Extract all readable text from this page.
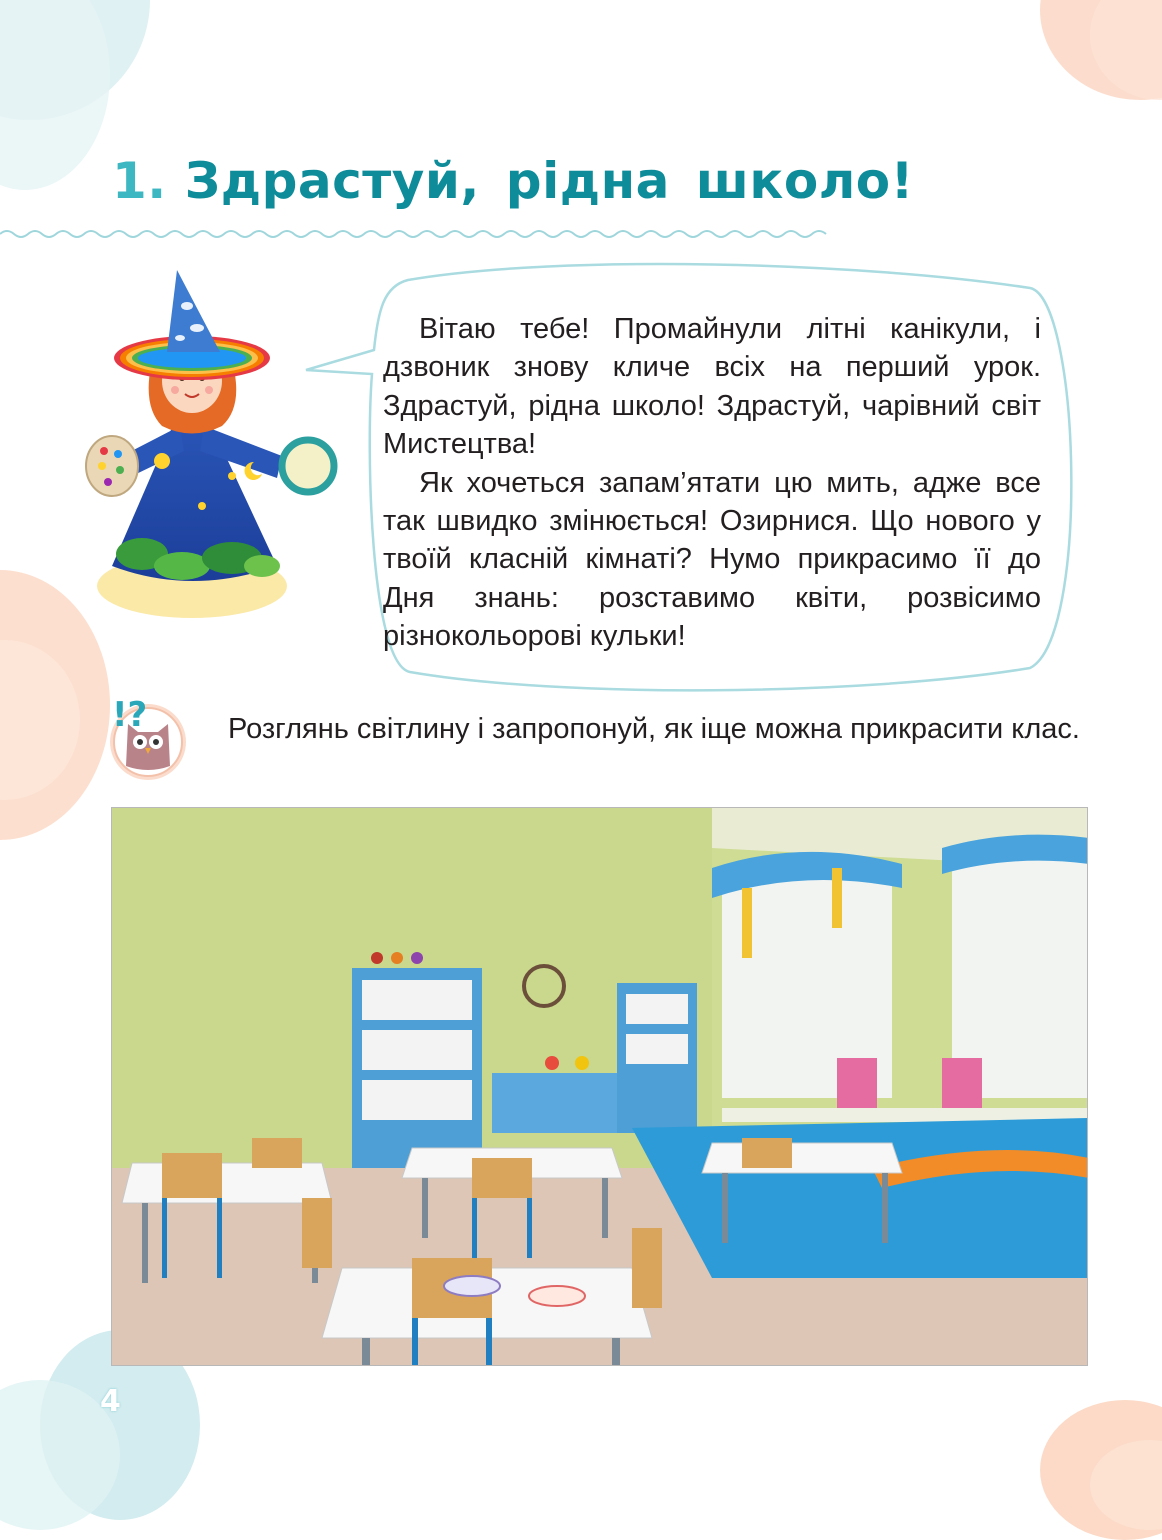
1. Здрастуй, рідна школо!

Вітаю тебе! Промайнули літні канікули, і дзвоник знову кличе всіх на перший урок. Здрастуй, рідна школо! Здрастуй, чарівний світ Мистецтва!

Як хочеться запам’ятати цю мить, адже все так швидко змінюється! Озирнися. Що нового у твоїй класній кімнаті? Нумо прикрасимо її до Дня знань: розставимо квіти, розвісимо різнокольорові кульки!

!?	Розглянь світлину і запропонуй, як іще можна прикрасити клас.

4
